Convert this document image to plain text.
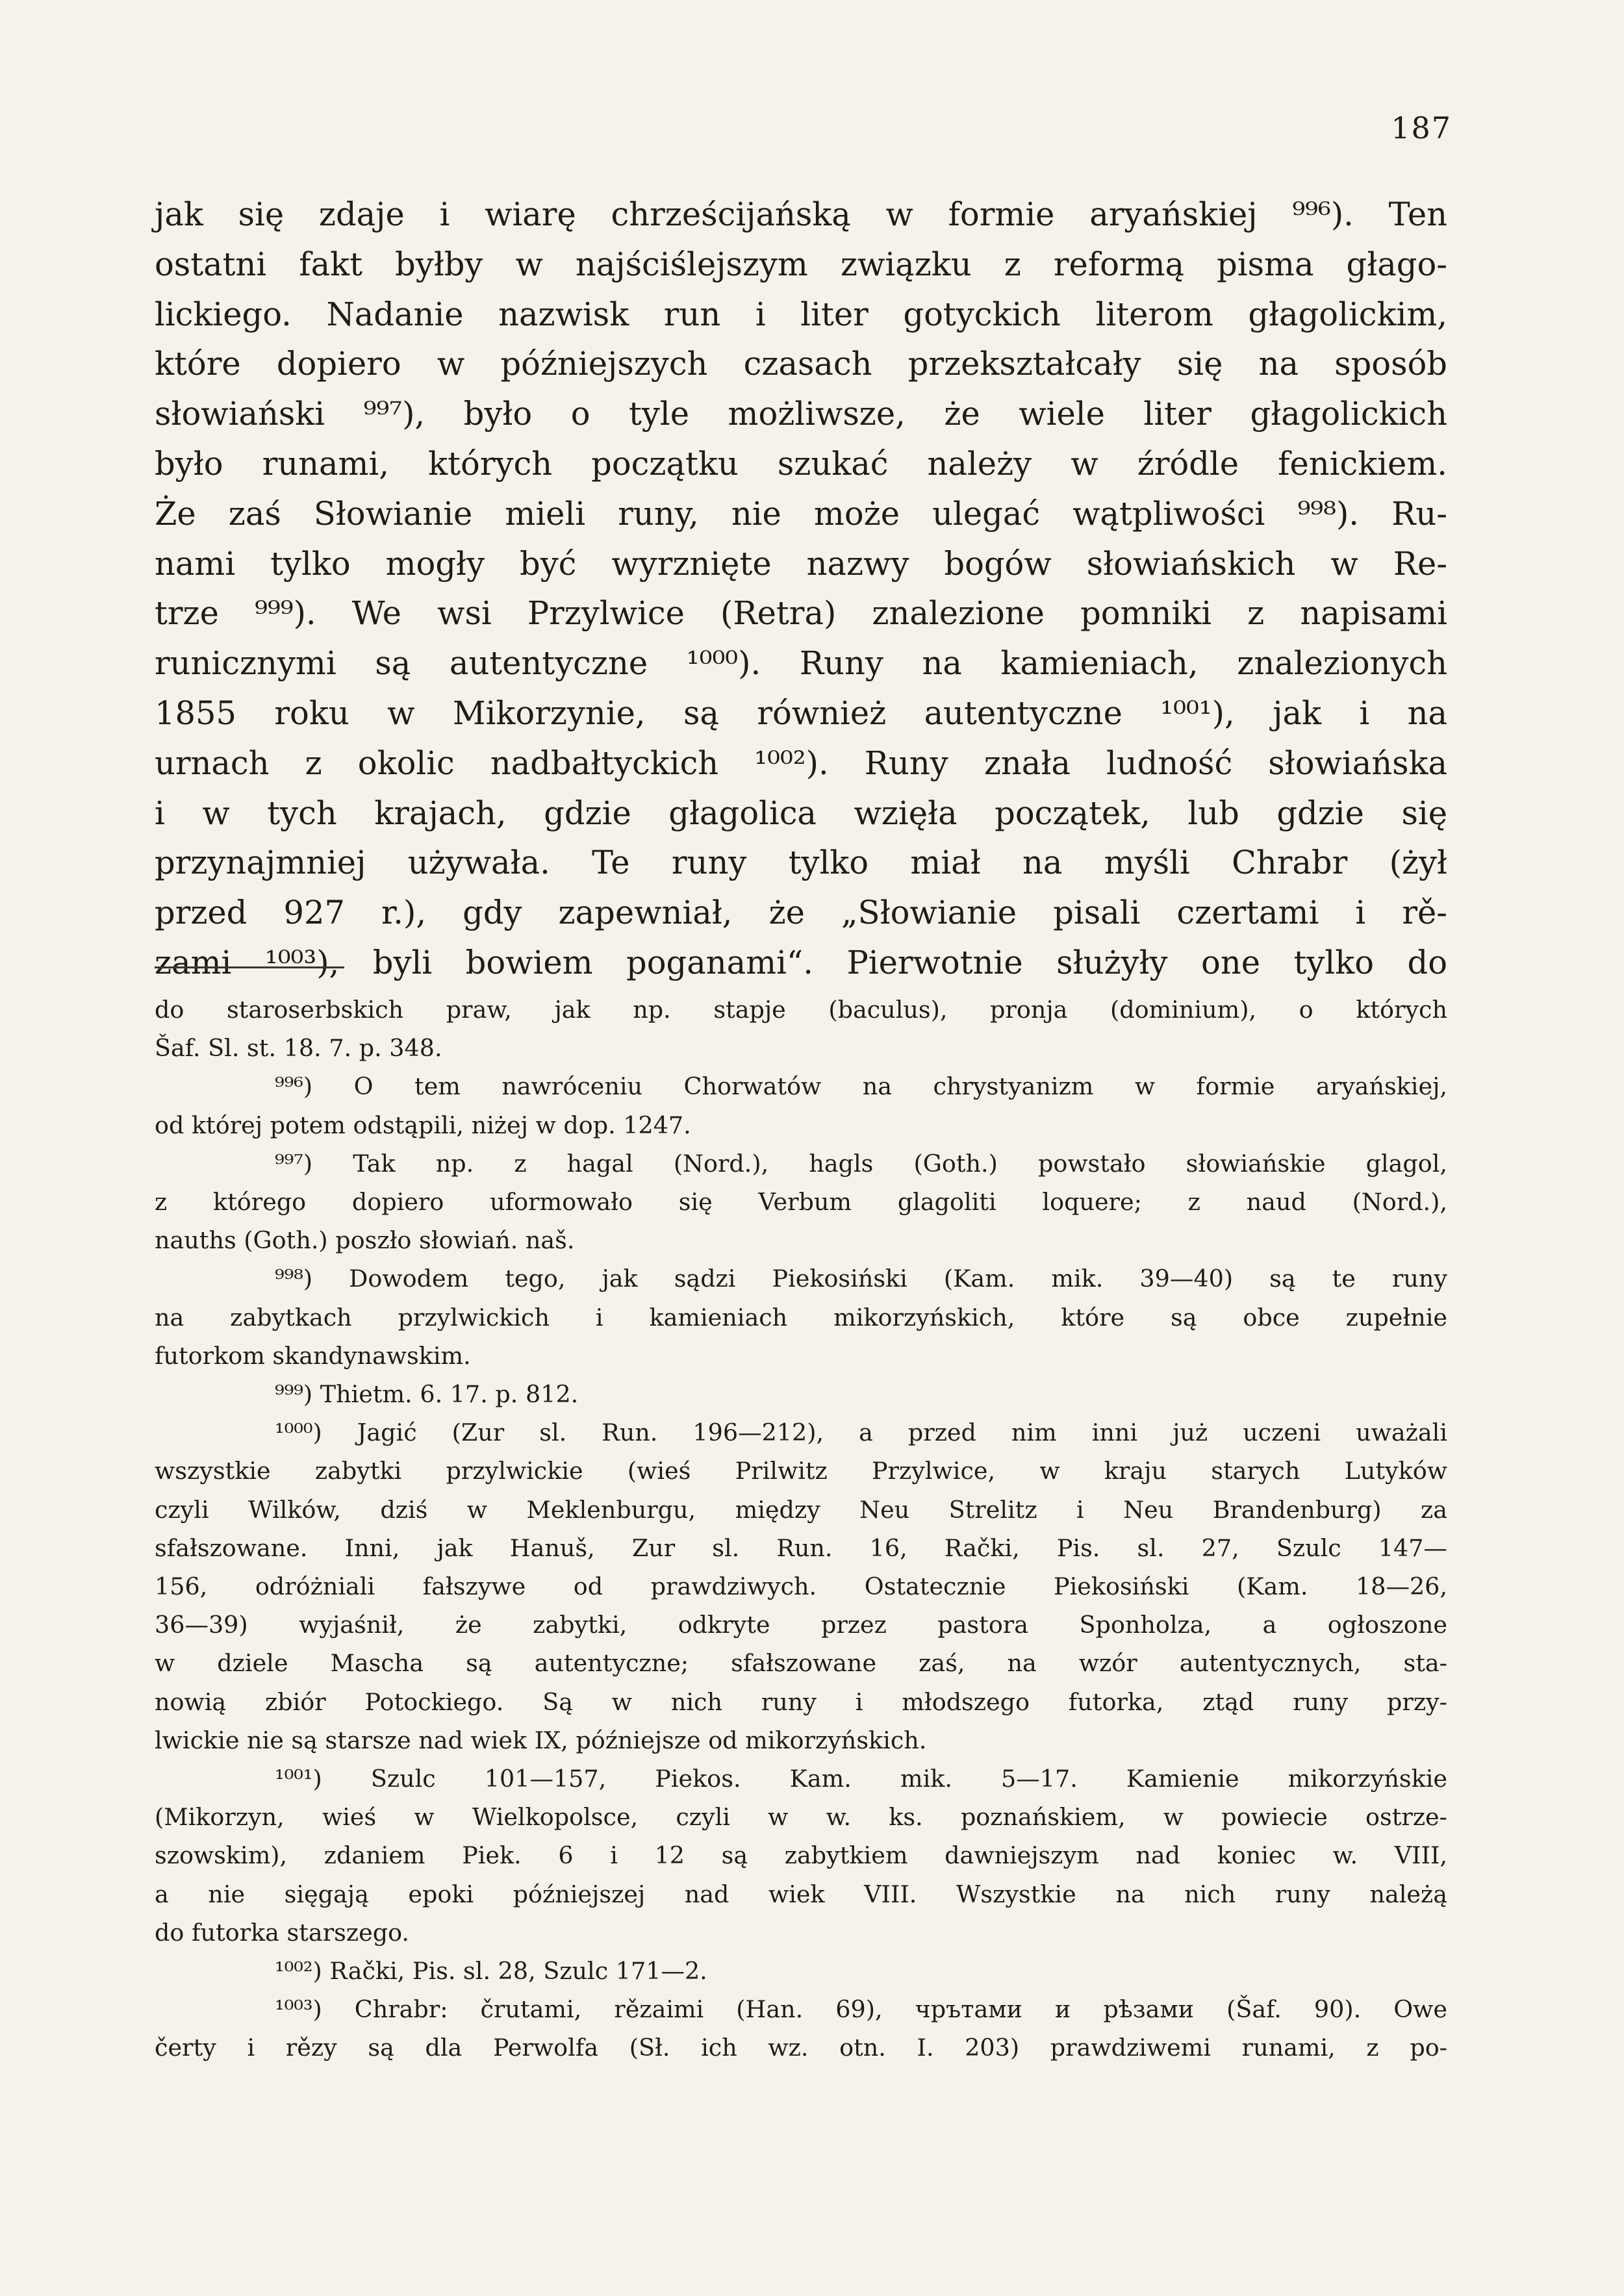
187
jak się zdaje i wiarę chrześcijańską w formie aryańskiej ⁹⁹⁶). Ten
ostatni fakt byłby w najściślejszym związku z reformą pisma głago-
lickiego. Nadanie nazwisk run i liter gotyckich literom głagolickim,
które dopiero w późniejszych czasach przekształcały się na sposób
słowiański ⁹⁹⁷), było o tyle możliwsze, że wiele liter głagolickich
było runami, których początku szukać należy w źródle fenickiem.
Że zaś Słowianie mieli runy, nie może ulegać wątpliwości ⁹⁹⁸). Ru-
nami tylko mogły być wyrznięte nazwy bogów słowiańskich w Re-
trze ⁹⁹⁹). We wsi Przylwice (Retra) znalezione pomniki z napisami
runicznymi są autentyczne ¹⁰⁰⁰). Runy na kamieniach, znalezionych
1855 roku w Mikorzynie, są również autentyczne ¹⁰⁰¹), jak i na
urnach z okolic nadbałtyckich ¹⁰⁰²). Runy znała ludność słowiańska
i w tych krajach, gdzie głagolica wzięła początek, lub gdzie się
przynajmniej używała. Te runy tylko miał na myśli Chrabr (żył
przed 927 r.), gdy zapewniał, że „Słowianie pisali czertami i rě-
zami ¹⁰⁰³), byli bowiem poganami“. Pierwotnie służyły one tylko do
do staroserbskich praw, jak np. stapje (baculus), pronja (dominium), o których
Šaf. Sl. st. 18. 7. p. 348.
⁹⁹⁶) O tem nawróceniu Chorwatów na chrystyanizm w formie aryańskiej,
od której potem odstąpili, niżej w dop. 1247.
⁹⁹⁷) Tak np. z hagal (Nord.), hagls (Goth.) powstało słowiańskie glagol,
z którego dopiero uformowało się Verbum glagoliti loquere; z naud (Nord.),
nauths (Goth.) poszło słowiań. naš.
⁹⁹⁸) Dowodem tego, jak sądzi Piekosiński (Kam. mik. 39—40) są te runy
na zabytkach przylwickich i kamieniach mikorzyńskich, które są obce zupełnie
futorkom skandynawskim.
⁹⁹⁹) Thietm. 6. 17. p. 812.
¹⁰⁰⁰) Jagić (Zur sl. Run. 196—212), a przed nim inni już uczeni uważali
wszystkie zabytki przylwickie (wieś Prilwitz Przylwice, w kraju starych Lutyków
czyli Wilków, dziś w Meklenburgu, między Neu Strelitz i Neu Brandenburg) za
sfałszowane. Inni, jak Hanuš, Zur sl. Run. 16, Rački, Pis. sl. 27, Szulc 147—
156, odróżniali fałszywe od prawdziwych. Ostatecznie Piekosiński (Kam. 18—26,
36—39) wyjaśnił, że zabytki, odkryte przez pastora Sponholza, a ogłoszone
w dziele Mascha są autentyczne; sfałszowane zaś, na wzór autentycznych, sta-
nowią zbiór Potockiego. Są w nich runy i młodszego futorka, ztąd runy przy-
lwickie nie są starsze nad wiek IX, późniejsze od mikorzyńskich.
¹⁰⁰¹) Szulc 101—157, Piekos. Kam. mik. 5—17. Kamienie mikorzyńskie
(Mikorzyn, wieś w Wielkopolsce, czyli w w. ks. poznańskiem, w powiecie ostrze-
szowskim), zdaniem Piek. 6 i 12 są zabytkiem dawniejszym nad koniec w. VIII,
a nie sięgają epoki późniejszej nad wiek VIII. Wszystkie na nich runy należą
do futorka starszego.
¹⁰⁰²) Rački, Pis. sl. 28, Szulc 171—2.
¹⁰⁰³) Chrabr: črutami, rězaimi (Han. 69), чрътами и рѣзами (Šaf. 90). Owe
čerty i rězy są dla Perwolfa (Sł. ich wz. otn. I. 203) prawdziwemi runami, z po-
